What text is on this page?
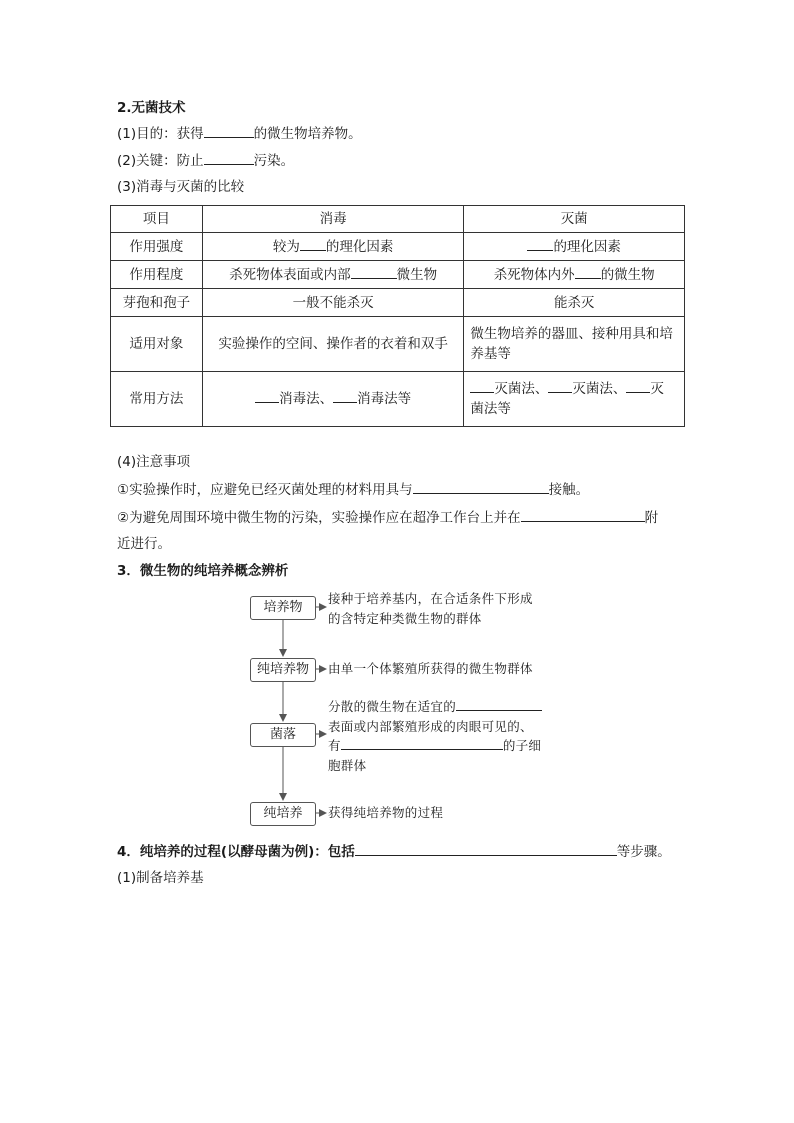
2.无菌技术
(1)目的：获得	的微生物培养物。
(2)关键：防止	污染。
(3)消毒与灭菌的比较
项目	消毒	灭菌
作用强度	较为 的理化因素	的理化因素
作用程度	杀死物体表面或内部 微生物	杀死物体内外 的微生物
芽孢和孢子	一般不能杀灭	能杀灭
适用对象	实验操作的空间、操作者的衣着和双手	微生物培养的器皿、接种用具和培
养基等

常用方法	消毒法、 消毒法等	灭菌法、 灭菌法、 灭
菌法等
(4)注意事项
①实验操作时，应避免已经灭菌处理的材料用具与	接触。
②为避免周围环境中微生物的污染，实验操作应在超净工作台上并在	附
近进行。
3．微生物的纯培养概念辨析
培养物
纯培养物
菌落
纯培养
接种于培养基内，在合适条件下形成
的含特定种类微生物的群体
由单一个体繁殖所获得的微生物群体
分散的微生物在适宜的
表面或内部繁殖形成的肉眼可见的、
有	的子细
胞群体
获得纯培养物的过程
4．纯培养的过程(以酵母菌为例)：包括	等步骤。
(1)制备培养基
